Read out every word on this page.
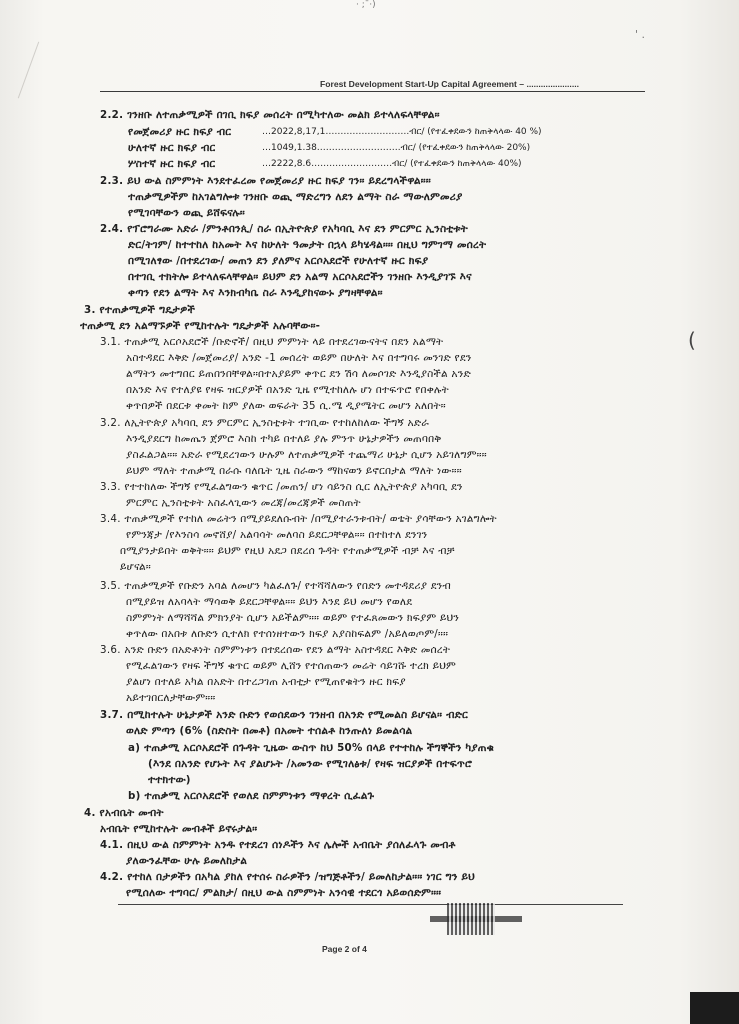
· ;¯·)
' .
Forest Development Start-Up Capital Agreement – ......................
(
2.2. ገንዘቡ ለተጠቃሚዎች በገቢ ክፍያ መሰረት በሚካተለው መልክ ይተላለፍላቸዋል።
የመጀመሪያ ዙር ክፍያ ብር	…2022,8,17,1……………………….ብር/ (የተፈቀደውን ከጠቅላላው 40 %)
ሁለተኛ ዙር ክፍያ ብር	…1049,1.38……………………….ብር/ (የተፈቀደውን ከጠቅላላው 20%)
ሦስተኛ ዙር ክፍያ ብር	…2222,8.6………………………ብር/ (የተፈቀደውን ከጠቅላላው 40%)
2.3. ይህ ውል ስምምነት እንደተፈረመ የመጀመሪያ ዙር ክፍያ ገን። ይደረግላችዋል።።
ተጠቃሚዎችም ከአገልግሎቱ ገንዘቡ ወጪ ማድረግን ለደን ልማት ስራ ማውለምመሪያ
የሚገባቸውን ወጪ ይሸፍናሉ።
2.4. የፕሮግራሙ አድራ /ምንቶበንጲ/ ስራ በኢትዮጵያ የአካባቢ እና ደን ምርምር ኢንስቲቱት
ድር/ትገም/ ከተተከለ ከአመት እና ከሁለት ዓመታት በኋላ ይካሄዳል።። በዚህ ግምገማ መሰረት
በሚገለፃው /በተደረገው/ መጠን ደን ያለምና አርሶአደሮች የሁለተኛ ዙር ክፍያ
በተገቢ ተክትሎ ይተላለፍላቸዋል። ይህም ደን አልማ አርሶአደሮችን ገንዘቡ እንዲያገኙ እና
ቀጣን የደን ልማት እና እንክብካቤ ስራ እንዲያከናውኑ ያግዛቸዋል።
3. የተጠቃሚዎች ግዴታዎች
ተጠቃሚ ደን አልማኙዎች የሚከተሉት ግዴታዎች አሉባቸው።-
3.1. ተጠቃሚ አርሶአደሮች /ቡድኖች/ በዚህ ምምነት ላይ በተደረገውናትና በደን አልማት
አስተዳደር እቅድ /መጀመሪያ/ አንድ -1 መሰረት ወይም በሁለት እና በተግባሩ መንገድ የደን
ልማትን መተግበር ይጠበንበቸዋል።በተአያይም ቀጥር ደን ሽሳ ለመሶገድ እንዲያስችል አንድ
በአንድ እና የተለያዩ የዛፍ ዝርያዎች በአንድ ጊዜ የሚተከለሉ ሆነ በተፍጥሮ የበቀሉት
ቀጥበዎች በደርቱ ቀመት ከም ያለው ወፍራት 35 ሲ.ሜ ዲያሜትር መሆን አለበት።
3.2. ለኢትዮጵያ አካባቢ ደን ምርምር ኢንስቲቱት ተገቢው የተከለከለው ችግኝ አድራ
እንዲያደርግ ከመጤን ጀምሮ እስከ ተካይ በተለይ ያሉ ምንጥ ሁኔታዎችን መጠባበቅ
ያስፈልጋል።። አድራ የሚደረገውን ሁሉም ለተጠቃሚዎች ተጨማሪ ሁኔታ ሲሆን አይገለግም።።
ይህም ማለት ተጠቃሚ በራሱ ባለቤት ጊዜ ስራውን ማከናወን ይኖርበታል ማለት ነው።።
3.3. የተተከለው ችግኝ የሚፈልግውን ቁጥር /መጠን/ ሆነ ሳይንስ ሲር ለኢትዮጵያ አካባቢ ደን
ምርምር ኢንስቲቱት አስፈላጊውን መረጃ/መረጃዎች መስጠት
3.4. ተጠቃሚዎች የተከለ መሬትን በሚያይደለሱብት /በሚያተራንቱብት/ ወቴት ያሳቸውን አገልግሎት
የምንጃታ /የእንስሳ መኖሸያ/ አልባሳት መለባስ ይደርጋቸዋል።። በተከተለ ደንገን
በሚያንታይበት ወቅት።። ይህም የዚህ አደጋ በደረሰ ጉዳት የተጠቃሚዎች ብቻ እና ብቻ
ይሆናል።
3.5. ተጠቃሚዎች የቡድን አባል ለመሆን ካልፈለጉ/ የተሻሻለውን የበድን መተዳደሪያ ደንብ
በሚያይዝ ለአባላት ማሳወቅ ይደርጋቸዋል።። ይህን እንደ ይህ መሆን የወለደ
ስምምነት ለማሻሻል ምክንያት ሲሆን አይችልም።። ወይም የተፈጸመውን ክፍያም ይህን
ቀጥለው በአበቱ ለቡድን ሲተለክ የተሰነዘተውን ክፍያ አያስከፍልም /አይለወጦም/።።
3.6. አንድ ቡድን በአድቶነት ስምምነቱን በተደረሰው የደን ልማት አስተዳደር እቅድ መሰረት
የሚፈልገውን የዛፍ ችግኝ ቁጥር ወይም ሊሸን የተሰጠውን መሬት ሳይገሹ ተረክ ይህም
ያልሆነ በተለይ አካል በአድት በተረጋገጠ አብቲታ የሚጠየቁትን ዙር ክፍያ
አይተገበርለታቸውም።።
3.7. በሚከተሉት ሁኔታዎች አንድ ቡድን የወሰደውን ገንዘብ በአንድ የሚመልስ ይሆናል። ብድር
ወለድ ምጣን (6% (ስድስት በመቶ) በአመት ተሰልቶ ከንጡለነ ይመልሳል
a) ተጠቃሚ አርሶአደሮች በጉዳት ጊዜው ውስጥ ከህ 50% በላይ የተተከሉ ችግኞችን ካያጠቁ
(እንደ በአንድ የሆኑት እና ያልሆኑት /አመንው የሚገለፅቱ/ የዛፍ ዝርያዎች በተፍጥሮ
ተተክተው)
b) ተጠቃሚ አርሶአደሮች የወለደ ስምምነቱን ማዋረት ሲፈልጉ
4. የአብቤት መብት
አብቤት የሚከተሉት መብቶች ይኖሩታል።
4.1. በዚህ ውል ስምምነት አንዱ የተደረገ ሰነዶችን እና ሌሎች አብቤት ያሰለፈላጉ መብቶ
ያለውንፈቸው ሁሉ ይመለከታል
4.2. የተከለ በታዎችን በአካል ያከለ የተሰሩ ስራዎችን /ዝግጅቶችን/ ይመለከታል።። ነገር ግን ይህ
የሚሰለው ተግባር/ ምልክታ/ በዚህ ውል ስምምነት አንሳዊ ተደርጎ አይወሰድም።።
Page 2 of 4
